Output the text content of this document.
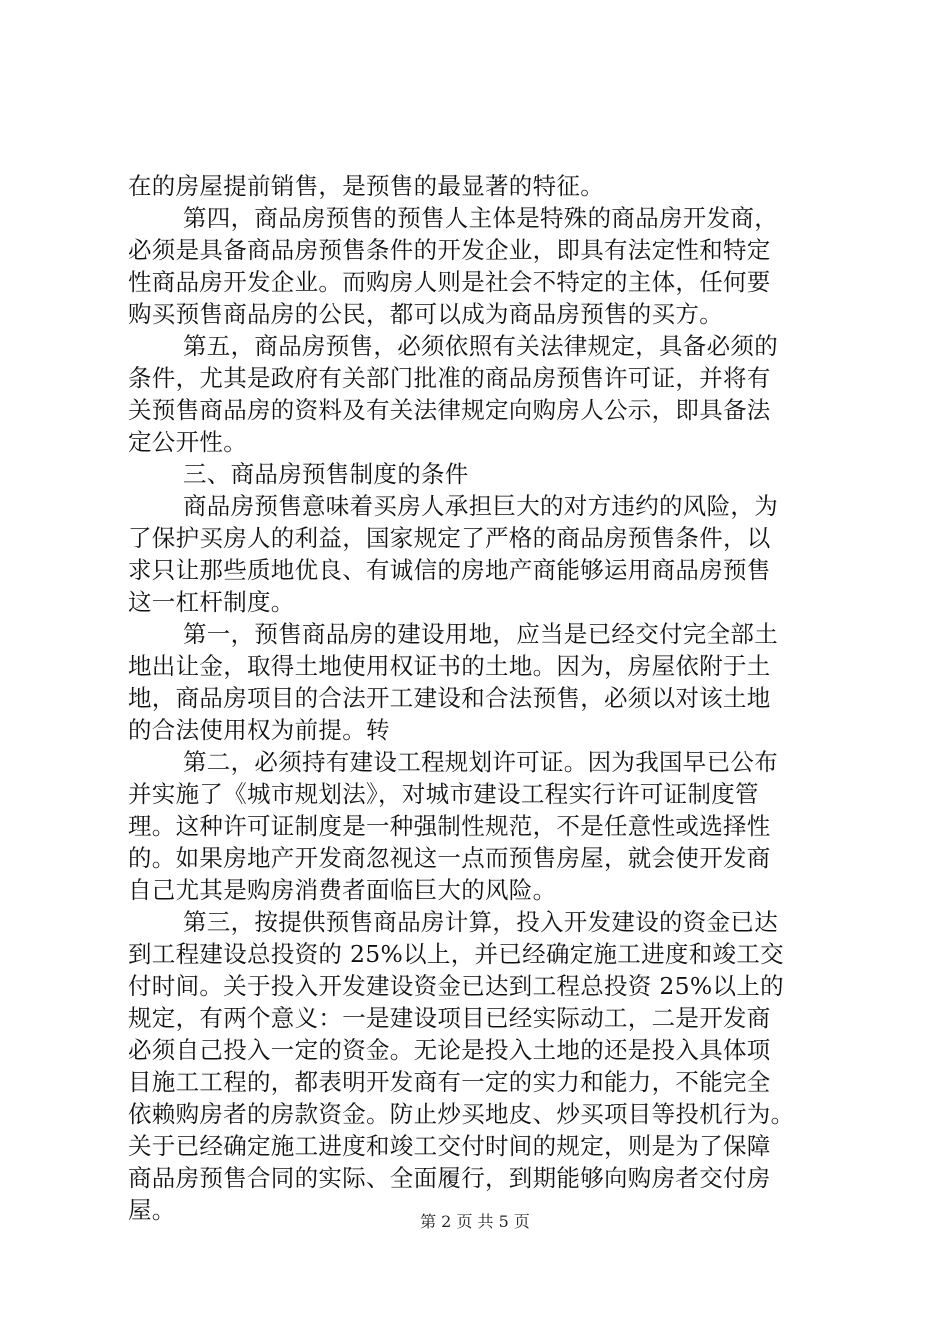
在的房屋提前销售，是预售的最显著的特征。
第四，商品房预售的预售人主体是特殊的商品房开发商，
必须是具备商品房预售条件的开发企业，即具有法定性和特定
性商品房开发企业。而购房人则是社会不特定的主体，任何要
购买预售商品房的公民，都可以成为商品房预售的买方。
第五，商品房预售，必须依照有关法律规定，具备必须的
条件，尤其是政府有关部门批准的商品房预售许可证，并将有
关预售商品房的资料及有关法律规定向购房人公示，即具备法
定公开性。
三、商品房预售制度的条件
商品房预售意味着买房人承担巨大的对方违约的风险，为
了保护买房人的利益，国家规定了严格的商品房预售条件，以
求只让那些质地优良、有诚信的房地产商能够运用商品房预售
这一杠杆制度。
第一，预售商品房的建设用地，应当是已经交付完全部土
地出让金，取得土地使用权证书的土地。因为，房屋依附于土
地，商品房项目的合法开工建设和合法预售，必须以对该土地
的合法使用权为前提。转
第二，必须持有建设工程规划许可证。因为我国早已公布
并实施了《城市规划法》，对城市建设工程实行许可证制度管
理。这种许可证制度是一种强制性规范，不是任意性或选择性
的。如果房地产开发商忽视这一点而预售房屋，就会使开发商
自己尤其是购房消费者面临巨大的风险。
第三，按提供预售商品房计算，投入开发建设的资金已达
到工程建设总投资的 25%以上，并已经确定施工进度和竣工交
付时间。关于投入开发建设资金已达到工程总投资 25%以上的
规定，有两个意义：一是建设项目已经实际动工，二是开发商
必须自己投入一定的资金。无论是投入土地的还是投入具体项
目施工工程的，都表明开发商有一定的实力和能力，不能完全
依赖购房者的房款资金。防止炒买地皮、炒买项目等投机行为。
关于已经确定施工进度和竣工交付时间的规定，则是为了保障
商品房预售合同的实际、全面履行，到期能够向购房者交付房
屋。	第 2 页 共 5 页
